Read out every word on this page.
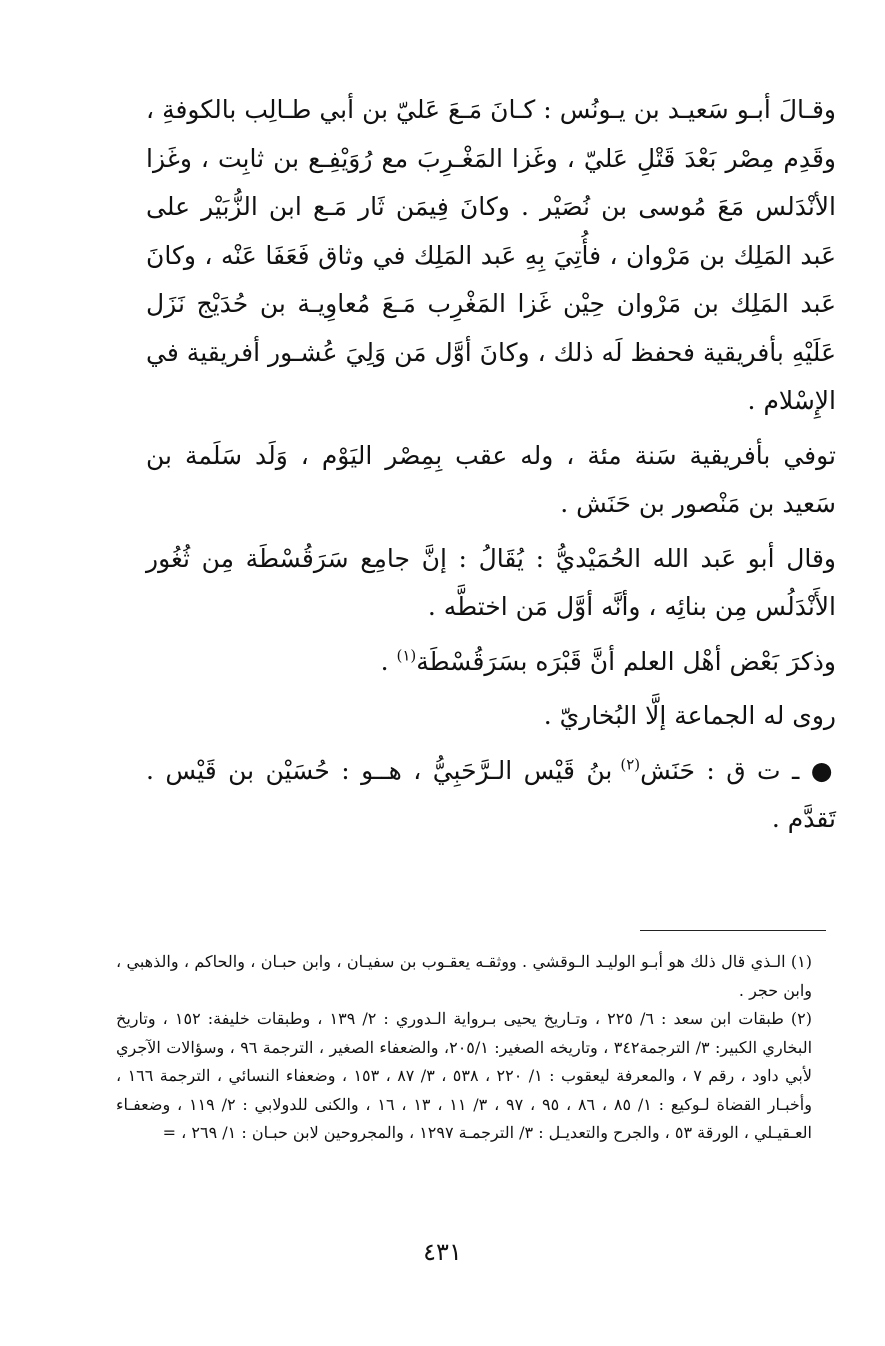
وقـالَ أبـو سَعيـد بن يـونُس : كـانَ مَـعَ عَليّ بن أبي طـالِب بالكوفةِ ، وقَدِم مِصْر بَعْدَ قَتْلِ عَليّ ، وغَزا المَغْـرِبَ مع رُوَيْفِـع بن ثابِت ، وغَزا الأنْدَلس مَعَ مُوسى بن نُصَيْر . وكانَ فِيمَن ثَار مَـع ابن الزُّبَيْر على عَبد المَلِك بن مَرْوان ، فأُتِيَ بِهِ عَبد المَلِك في وثاق فَعَفَا عَنْه ، وكانَ عَبد المَلِك بن مَرْوان حِيْن غَزا المَغْرِب مَـعَ مُعاوِيـة بن حُدَيْج نَزَل عَلَيْهِ بأفريقية فحفظ لَه ذلك ، وكانَ أوَّل مَن وَلِيَ عُشـور أفريقية في الإِسْلام .

توفي بأفريقية سَنة مئة ، وله عقب بِمِصْر اليَوْم ، وَلَد سَلَمة بن سَعيد بن مَنْصور بن حَنَش .

وقال أبو عَبد الله الحُمَيْديُّ : يُقَالُ : إنَّ جامِع سَرَقُسْطَة مِن ثُغُور الأَنْدَلُس مِن بنائِه ، وأنَّه أوَّل مَن اختطَّه .

وذكرَ بَعْض أهْل العلم أنَّ قَبْرَه بسَرَقُسْطَة$^{(١)}$ .

روى له الجماعة إلَّا البُخاريّ .

● ـ ت ق : حَنَش$^{(٢)}$ بنُ قَيْس الـرَّحَبِيُّ ، هــو : حُسَيْن بن قَيْس . تَقدَّم .

(١) الـذي قال ذلك هو أبـو الوليـد الـوقشي . ووثقـه يعقـوب بن سفيـان ، وابن حبـان ، والحاكم ، والذهبي ، وابن حجر .

(٢) طبقات ابن سعد : ٦/ ٢٢٥ ، وتـاريخ يحيى بـرواية الـدوري : ٢/ ١٣٩ ، وطبقات خليفة: ١٥٢ ، وتاريخ البخاري الكبير: ٣/ الترجمة٣٤٢ ، وتاريخه الصغير: ٢٠٥/١، والضعفاء الصغير ، الترجمة ٩٦ ، وسؤالات الآجري لأبي داود ، رقم ٧ ، والمعرفة ليعقوب : ١/ ٢٢٠ ، ٥٣٨ ، ٣/ ٨٧ ، ١٥٣ ، وضعفاء النسائي ، الترجمة ١٦٦ ، وأخبـار القضاة لـوكيع : ١/ ٨٥ ، ٨٦ ، ٩٥ ، ٩٧ ، ٣/ ١١ ، ١٣ ، ١٦ ، والكنى للدولابي : ٢/ ١١٩ ، وضعفـاء العـقيـلي ، الورقة ٥٣ ، والجرح والتعديـل : ٣/ الترجمـة ١٢٩٧ ، والمجروحين لابن حبـان : ١/ ٢٦٩ ، =

٤٣١
